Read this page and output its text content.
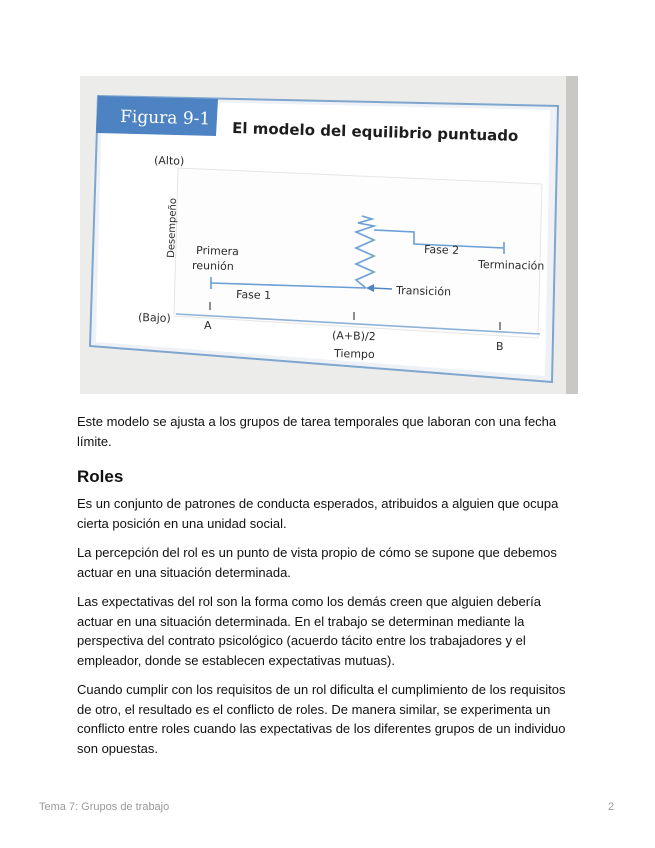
Figura 9-1
El modelo del equilibrio puntuado
(Alto)
(Bajo)
Desempeño
A
(A+B)/2
B
Tiempo
Primera
reunión
Fase 1	Transición
Fase 2
Terminación

Este modelo se ajusta a los grupos de tarea temporales que laboran con una fecha límite.

Roles

Es un conjunto de patrones de conducta esperados, atribuidos a alguien que ocupa cierta posición en una unidad social.

La percepción del rol es un punto de vista propio de cómo se supone que debemos actuar en una situación determinada.

Las expectativas del rol son la forma como los demás creen que alguien debería actuar en una situación determinada. En el trabajo se determinan mediante la perspectiva del contrato psicológico (acuerdo tácito entre los trabajadores y el empleador, donde se establecen expectativas mutuas).

Cuando cumplir con los requisitos de un rol dificulta el cumplimiento de los requisitos de otro, el resultado es el conflicto de roles. De manera similar, se experimenta un conflicto entre roles cuando las expectativas de los diferentes grupos de un individuo son opuestas.

Tema 7: Grupos de trabajo	2
